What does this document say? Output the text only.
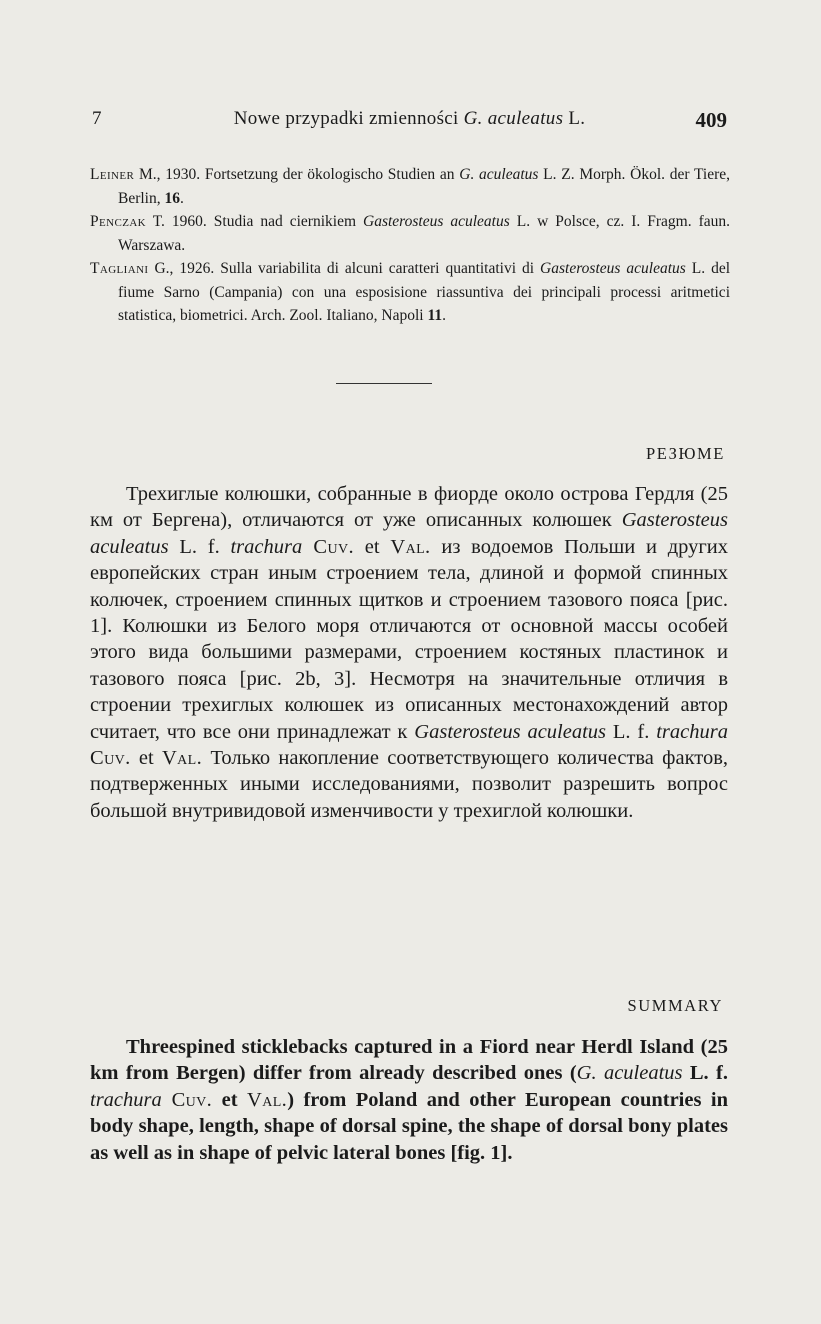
7	Nowe przypadki zmienności G. aculeatus L.	409
Leiner M., 1930. Fortsetzung der ökologischo Studien an G. aculeatus L. Z. Morph. Ökol. der Tiere, Berlin, 16.
Penczak T. 1960. Studia nad ciernikiem Gasterosteus aculeatus L. w Polsce, cz. I. Fragm. faun. Warszawa.
Tagliani G., 1926. Sulla variabilita di alcuni caratteri quantitativi di Gasterosteus aculeatus L. del fiume Sarno (Campania) con una esposisione riassuntiva dei principali processi aritmetici statistica, biometrici. Arch. Zool. Italiano, Napoli 11.
РЕЗЮМЕ
Трехиглые колюшки, собранные в фиорде около острова Гердля (25 км от Бергена), отличаются от уже описанных колюшек Gasterosteus aculeatus L. f. trachura Cuv. et Val. из водоемов Польши и других европейских стран иным строением тела, длиной и формой спинных колючек, строением спинных щитков и строением тазового пояса [рис. 1]. Колюшки из Белого моря отличаются от основной массы особей этого вида большими размерами, строением костяных пластинок и тазового пояса [рис. 2b, 3]. Несмотря на значительные отличия в строении трехиглых колюшек из описанных местонахождений автор считает, что все они принадлежат к Gasterosteus aculeatus L. f. trachura Cuv. et Val. Только накопление соответствующего количества фактов, подтверженных иными исследованиями, позволит разрешить вопрос большой внутривидовой изменчивости у трехиглой колюшки.
SUMMARY
Threespined sticklebacks captured in a Fiord near Herdl Island (25 km from Bergen) differ from already described ones (G. aculeatus L. f. trachura Cuv. et Val.) from Poland and other European countries in body shape, length, shape of dorsal spine, the shape of dorsal bony plates as well as in shape of pelvic lateral bones [fig. 1].
